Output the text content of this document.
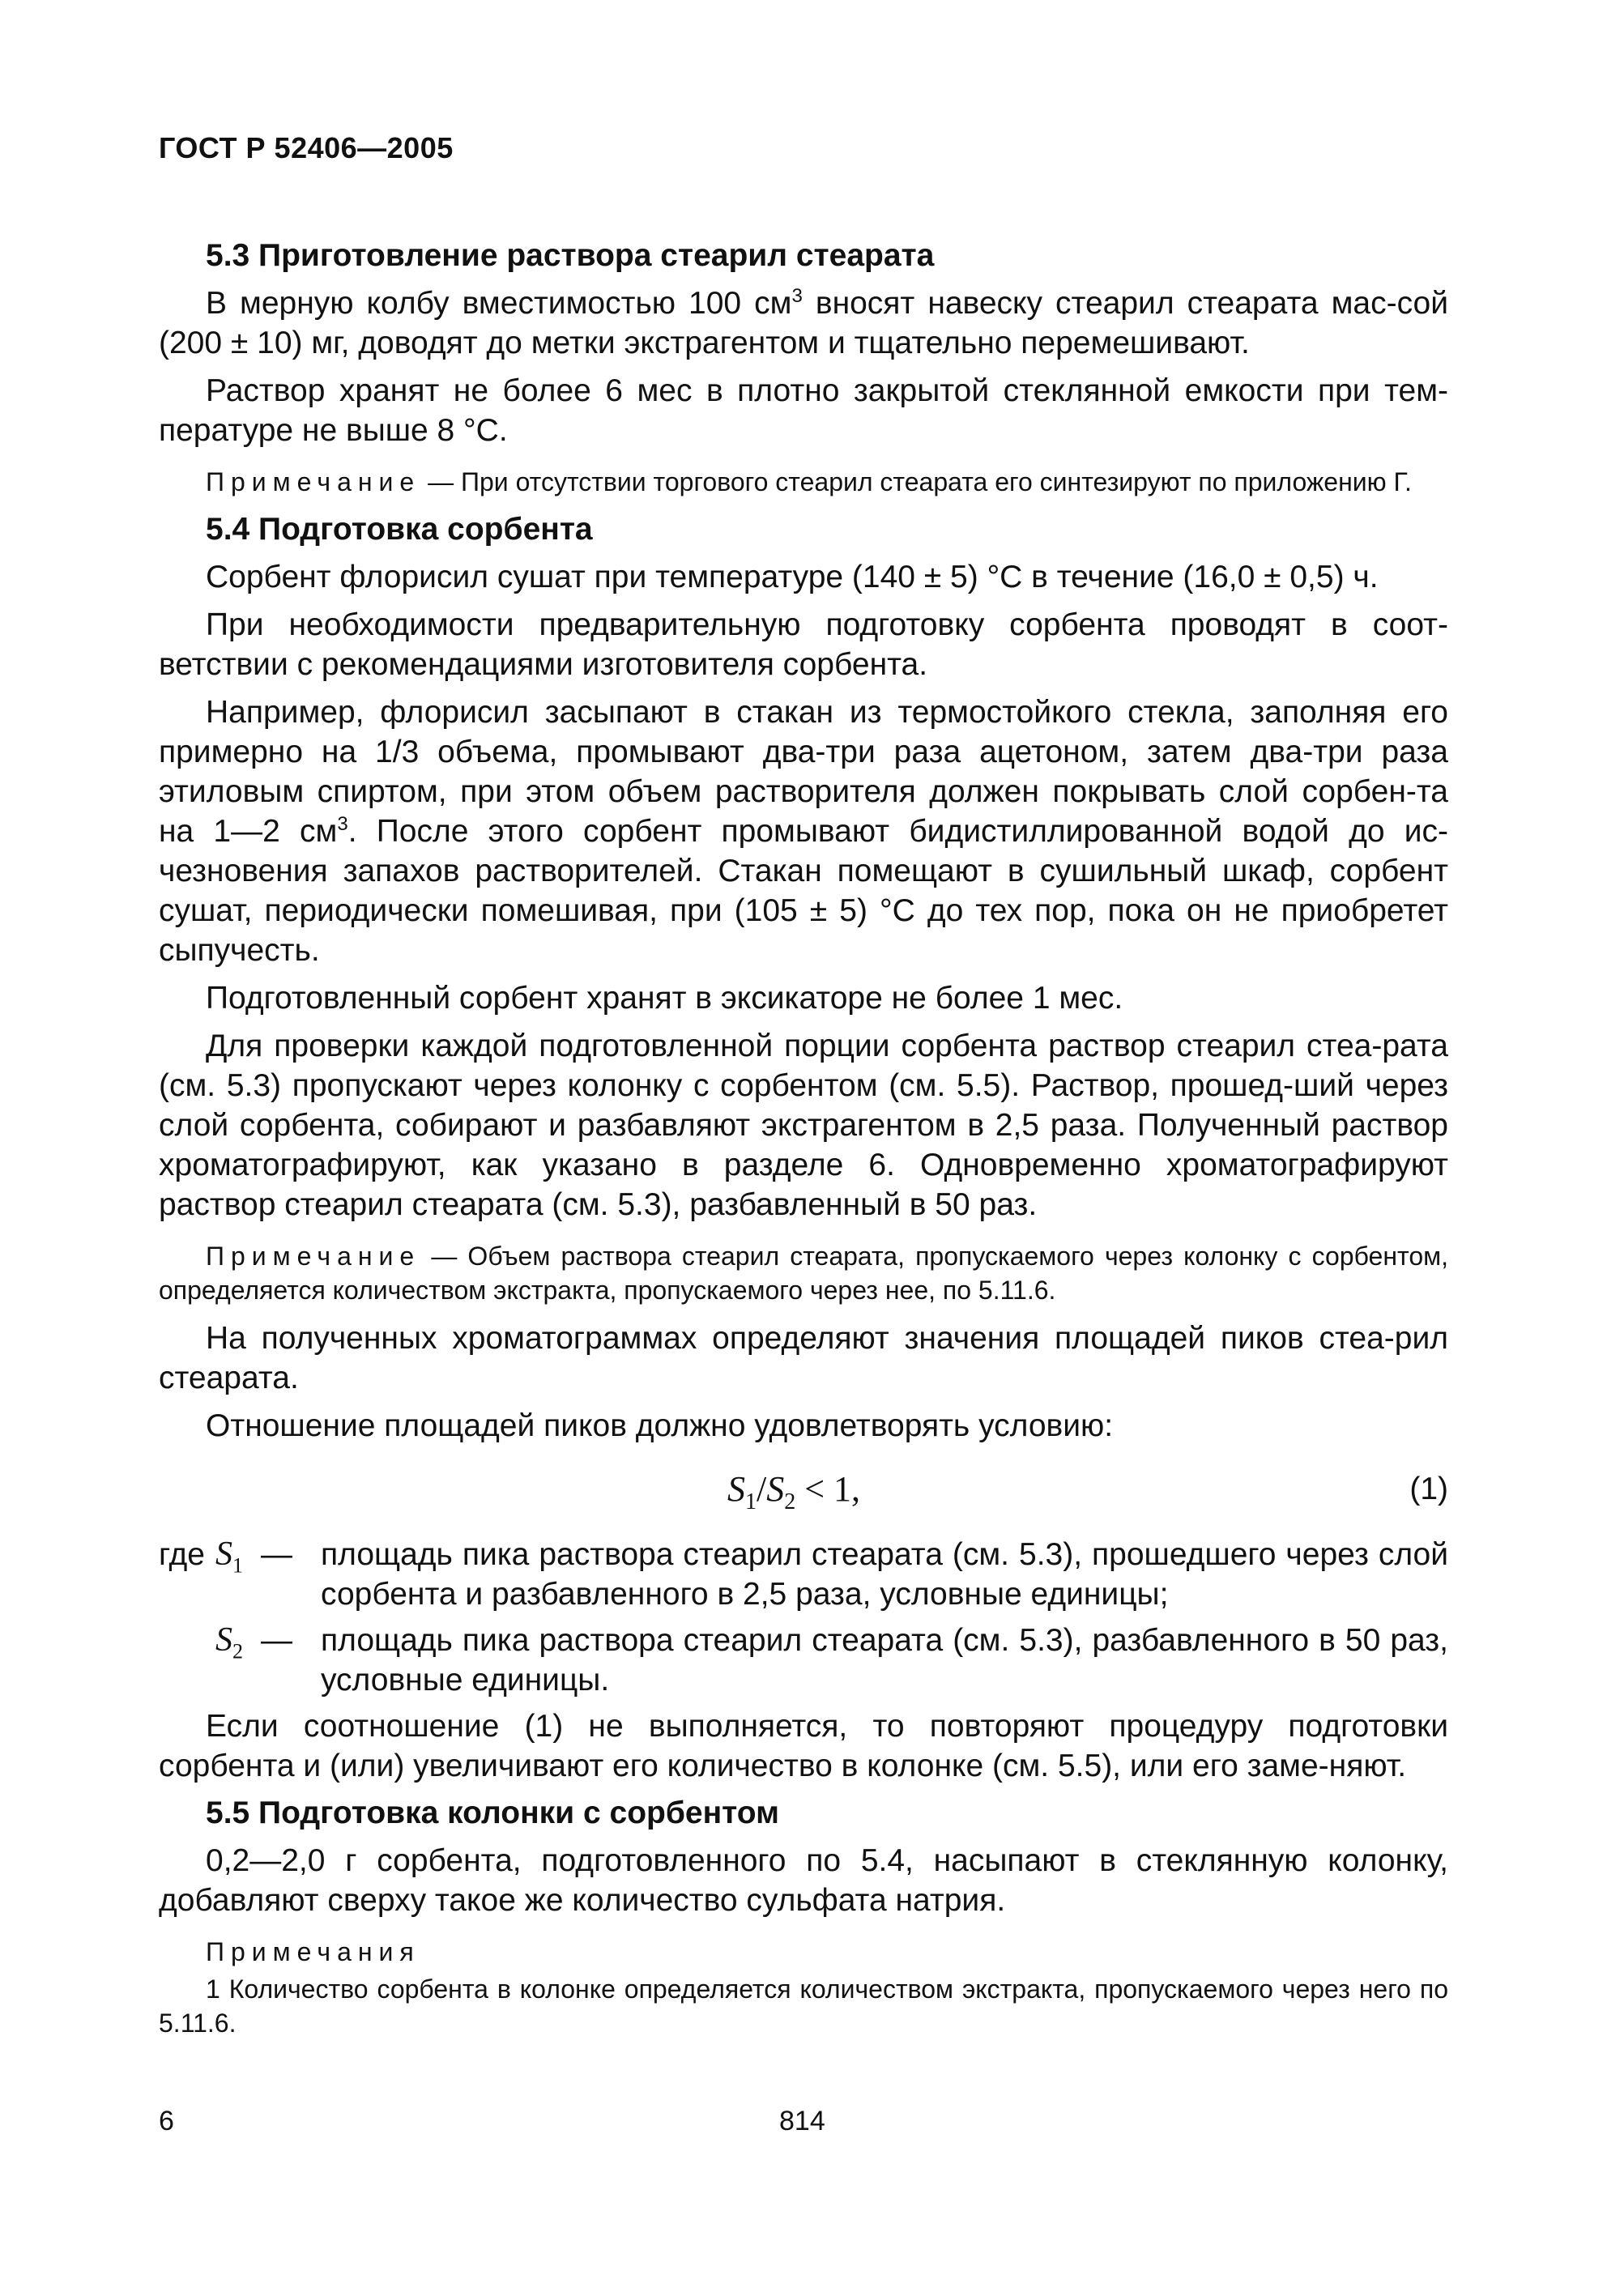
ГОСТ Р 52406—2005
5.3 Приготовление раствора стеарил стеарата
В мерную колбу вместимостью 100 $см^3$ вносят навеску стеарил стеарата мас-сой (200 ± 10) мг, доводят до метки экстрагентом и тщательно перемешивают.
Раствор хранят не более 6 мес в плотно закрытой стеклянной емкости при тем-пературе не выше 8 °С.
Примечание — При отсутствии торгового стеарил стеарата его синтезируют по приложению Г.
5.4 Подготовка сорбента
Сорбент флорисил сушат при температуре (140 ± 5) °С в течение (16,0 ± 0,5) ч.
При необходимости предварительную подготовку сорбента проводят в соот-ветствии с рекомендациями изготовителя сорбента.
Например, флорисил засыпают в стакан из термостойкого стекла, заполняя его примерно на 1/3 объема, промывают два-три раза ацетоном, затем два-три раза этиловым спиртом, при этом объем растворителя должен покрывать слой сорбен-та на 1—2 $см^3$. После этого сорбент промывают бидистиллированной водой до ис-чезновения запахов растворителей. Стакан помещают в сушильный шкаф, сорбент сушат, периодически помешивая, при (105 ± 5) °С до тех пор, пока он не приобретет сыпучесть.
Подготовленный сорбент хранят в эксикаторе не более 1 мес.
Для проверки каждой подготовленной порции сорбента раствор стеарил стеа-рата (см. 5.3) пропускают через колонку с сорбентом (см. 5.5). Раствор, прошед-ший через слой сорбента, собирают и разбавляют экстрагентом в 2,5 раза. Полученный раствор хроматографируют, как указано в разделе 6. Одновременно хроматографируют раствор стеарил стеарата (см. 5.3), разбавленный в 50 раз.
Примечание — Объем раствора стеарил стеарата, пропускаемого через колонку с сорбентом, определяется количеством экстракта, пропускаемого через нее, по 5.11.6.
На полученных хроматограммах определяют значения площадей пиков стеа-рил стеарата.
Отношение площадей пиков должно удовлетворять условию:
$S_1/S_2 < 1$,	(1)
где $S_1$ — площадь пика раствора стеарил стеарата (см. 5.3), прошедшего через слой сорбента и разбавленного в 2,5 раза, условные единицы;
$S_2$ — площадь пика раствора стеарил стеарата (см. 5.3), разбавленного в 50 раз, условные единицы.
Если соотношение (1) не выполняется, то повторяют процедуру подготовки сорбента и (или) увеличивают его количество в колонке (см. 5.5), или его заме-няют.
5.5 Подготовка колонки с сорбентом
0,2—2,0 г сорбента, подготовленного по 5.4, насыпают в стеклянную колонку, добавляют сверху такое же количество сульфата натрия.
Примечания
1 Количество сорбента в колонке определяется количеством экстракта, пропускаемого через него по 5.11.6.
6	814
